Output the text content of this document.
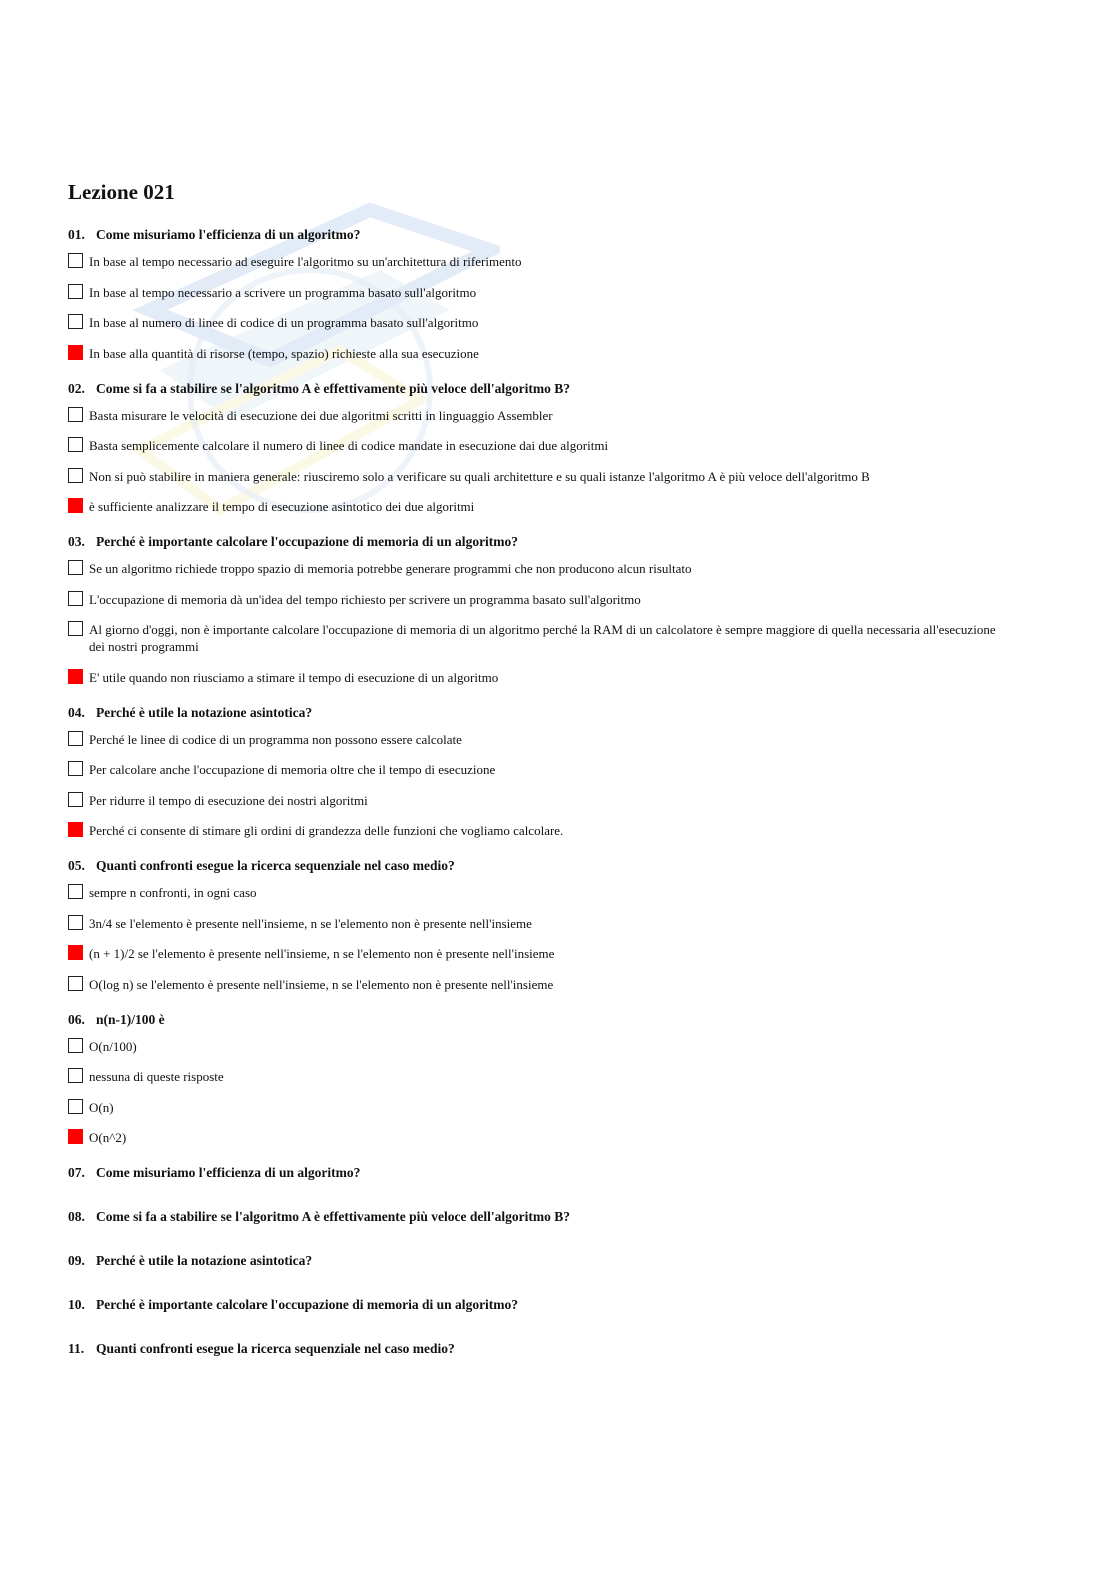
Lezione 021
01. Come misuriamo l'efficienza di un algoritmo?
In base al tempo necessario ad eseguire l'algoritmo su un'architettura di riferimento
In base al tempo necessario a scrivere un programma basato sull'algoritmo
In base al numero di linee di codice di un programma basato sull'algoritmo
In base alla quantità di risorse (tempo, spazio) richieste alla sua esecuzione
02. Come si fa a stabilire se l'algoritmo A è effettivamente più veloce dell'algoritmo B?
Basta misurare le velocità di esecuzione dei due algoritmi scritti in linguaggio Assembler
Basta semplicemente calcolare il numero di linee di codice mandate in esecuzione dai due algoritmi
Non si può stabilire in maniera generale: riusciremo solo a verificare su quali architetture e su quali istanze l'algoritmo A è più veloce dell'algoritmo B
è sufficiente analizzare il tempo di esecuzione asintotico dei due algoritmi
03. Perché è importante calcolare l'occupazione di memoria di un algoritmo?
Se un algoritmo richiede troppo spazio di memoria potrebbe generare programmi che non producono alcun risultato
L'occupazione di memoria dà un'idea del tempo richiesto per scrivere un programma basato sull'algoritmo
Al giorno d'oggi, non è importante calcolare l'occupazione di memoria di un algoritmo perché la RAM di un calcolatore è sempre maggiore di quella necessaria all'esecuzione dei nostri programmi
E' utile quando non riusciamo a stimare il tempo di esecuzione di un algoritmo
04. Perché è utile la notazione asintotica?
Perché le linee di codice di un programma non possono essere calcolate
Per calcolare anche l'occupazione di memoria oltre che il tempo di esecuzione
Per ridurre il tempo di esecuzione dei nostri algoritmi
Perché ci consente di stimare gli ordini di grandezza delle funzioni che vogliamo calcolare.
05. Quanti confronti esegue la ricerca sequenziale nel caso medio?
sempre n confronti, in ogni caso
3n/4 se l'elemento è presente nell'insieme, n se l'elemento non è presente nell'insieme
(n + 1)/2 se l'elemento è presente nell'insieme, n se l'elemento non è presente nell'insieme
O(log n) se l'elemento è presente nell'insieme, n se l'elemento non è presente nell'insieme
06. n(n-1)/100 è
O(n/100)
nessuna di queste risposte
O(n)
O(n^2)
07. Come misuriamo l'efficienza di un algoritmo?
08. Come si fa a stabilire se l'algoritmo A è effettivamente più veloce dell'algoritmo B?
09. Perché è utile la notazione asintotica?
10. Perché è importante calcolare l'occupazione di memoria di un algoritmo?
11. Quanti confronti esegue la ricerca sequenziale nel caso medio?
